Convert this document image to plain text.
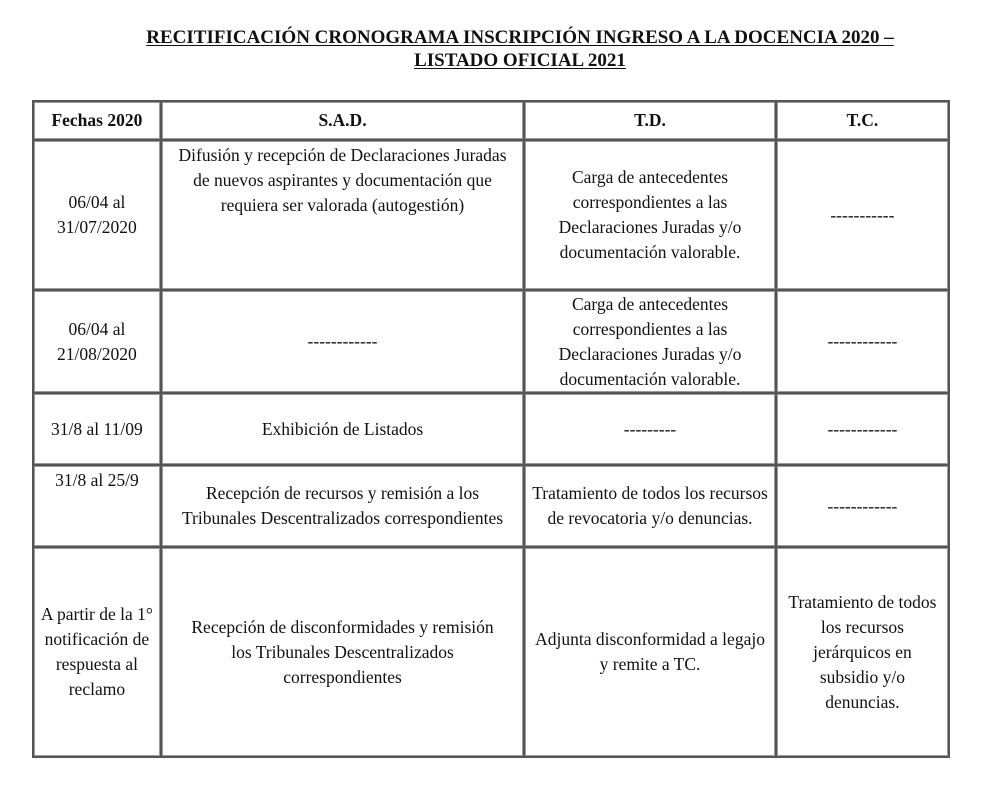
RECITIFICACIÓN CRONOGRAMA INSCRIPCIÓN INGRESO A LA DOCENCIA 2020 –
LISTADO OFICIAL 2021
Fechas 2020	S.A.D.	T.D.	T.C.
06/04 al 31/07/2020	Difusión y recepción de Declaraciones Juradas de nuevos aspirantes y documentación que requiera ser valorada (autogestión)	Carga de antecedentes correspondientes a las Declaraciones Juradas y/o documentación valorable.	-----------
06/04 al 21/08/2020	------------	Carga de antecedentes correspondientes a las Declaraciones Juradas y/o documentación valorable.	------------
31/8 al 11/09	Exhibición de Listados	---------	------------
31/8 al 25/9	Recepción de recursos y remisión a los Tribunales Descentralizados correspondientes	Tratamiento de todos los recursos de revocatoria y/o denuncias.	------------
A partir de la 1° notificación de respuesta al reclamo	Recepción de disconformidades y remisión los Tribunales Descentralizados correspondientes	Adjunta disconformidad a legajo y remite a TC.	Tratamiento de todos los recursos jerárquicos en subsidio y/o denuncias.
